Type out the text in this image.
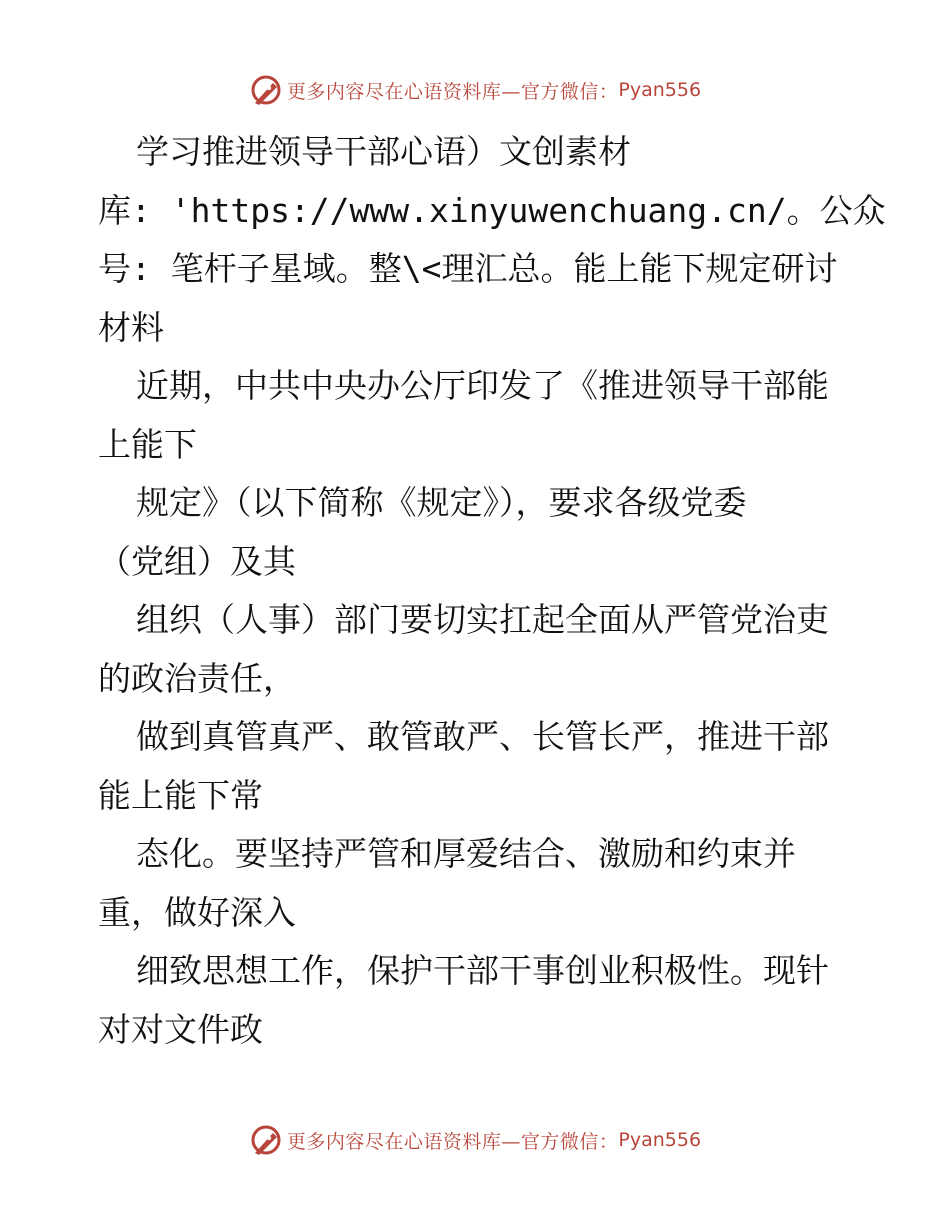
更多内容尽在心语资料库—官方微信： Pyan556
学习推进领导干部心语）文创素材
库: 'https://www.xinyuwenchuang.cn/。公众
号: 笔杆子星域。整\<理汇总。能上能下规定研讨
材料
近期，中共中央办公厅印发了《推进领导干部能
上能下
规定》（以下简称《规定》），要求各级党委
（党组）及其
组织（人事）部门要切实扛起全面从严管党治吏
的政治责任，
做到真管真严、敢管敢严、长管长严，推进干部
能上能下常
态化。要坚持严管和厚爱结合、激励和约束并
重，做好深入
细致思想工作，保护干部干事创业积极性。现针
对对文件政
更多内容尽在心语资料库—官方微信： Pyan556
